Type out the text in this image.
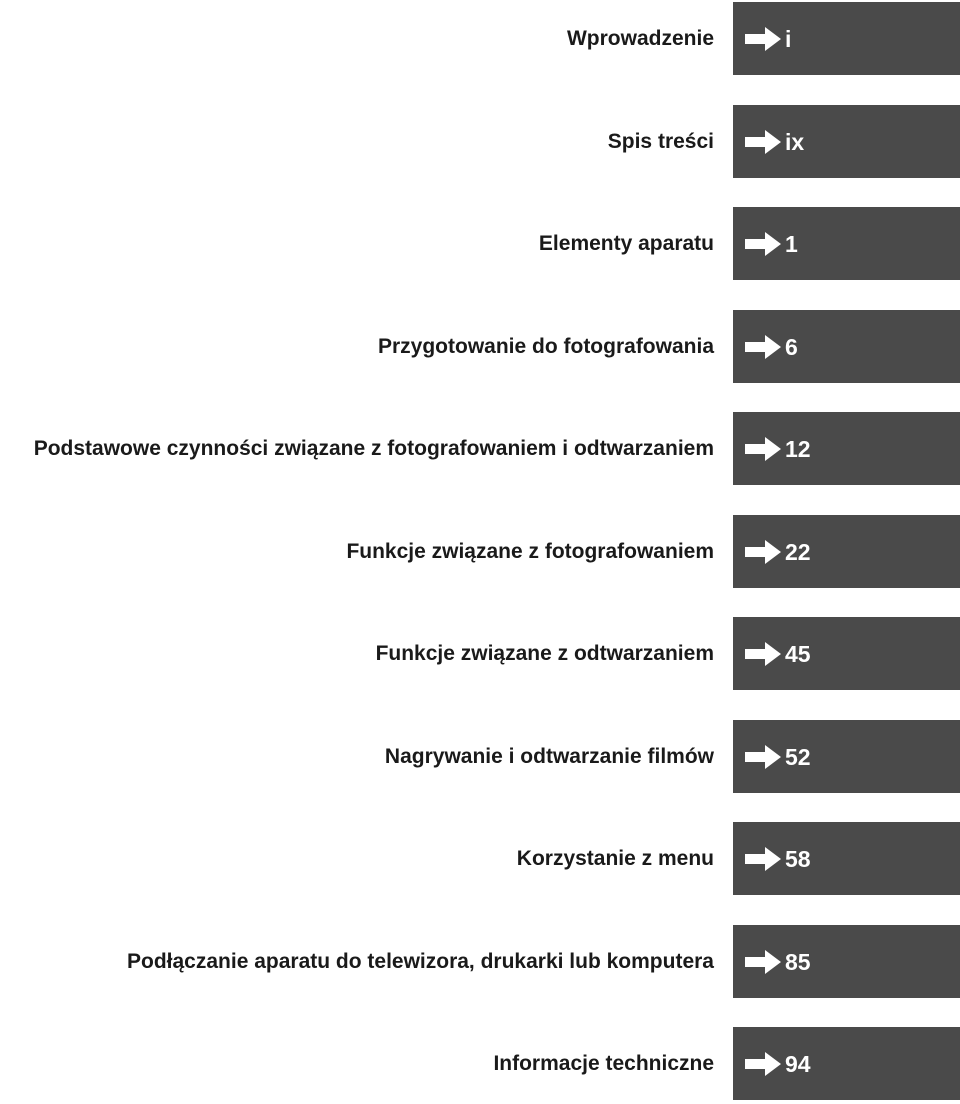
Wprowadzenie	i
Spis treści	ix
Elementy aparatu	1
Przygotowanie do fotografowania	6
Podstawowe czynności związane z fotografowaniem i odtwarzaniem	12
Funkcje związane z fotografowaniem	22
Funkcje związane z odtwarzaniem	45
Nagrywanie i odtwarzanie filmów	52
Korzystanie z menu	58
Podłączanie aparatu do telewizora, drukarki lub komputera	85
Informacje techniczne	94
